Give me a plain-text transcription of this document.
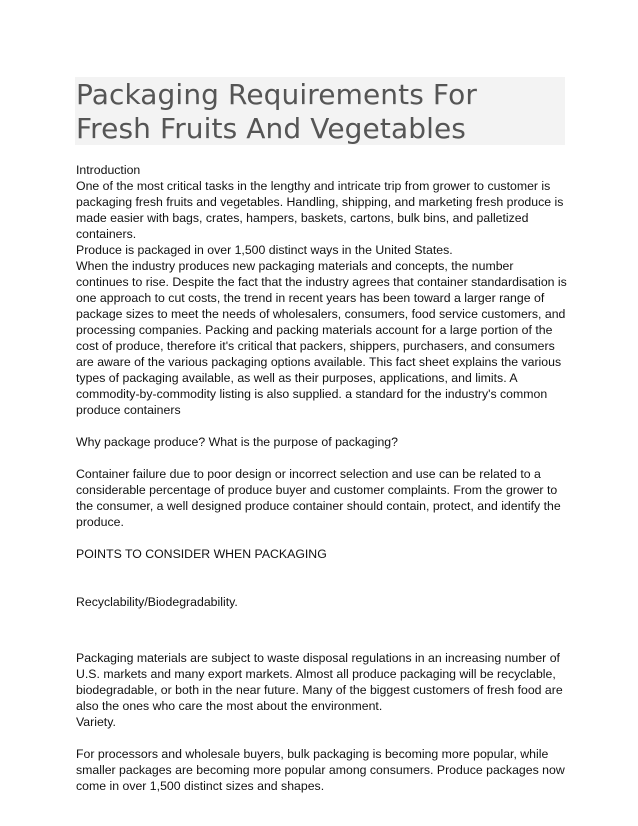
Packaging Requirements For
Fresh Fruits And Vegetables

Introduction

One of the most critical tasks in the lengthy and intricate trip from grower to customer is packaging fresh fruits and vegetables. Handling, shipping, and marketing fresh produce is made easier with bags, crates, hampers, baskets, cartons, bulk bins, and palletized containers.

Produce is packaged in over 1,500 distinct ways in the United States.

When the industry produces new packaging materials and concepts, the number continues to rise. Despite the fact that the industry agrees that container standardisation is one approach to cut costs, the trend in recent years has been toward a larger range of package sizes to meet the needs of wholesalers, consumers, food service customers, and processing companies. Packing and packing materials account for a large portion of the cost of produce, therefore it's critical that packers, shippers, purchasers, and consumers are aware of the various packaging options available. This fact sheet explains the various types of packaging available, as well as their purposes, applications, and limits. A commodity-by-commodity listing is also supplied. a standard for the industry's common produce containers

Why package produce? What is the purpose of packaging?

Container failure due to poor design or incorrect selection and use can be related to a considerable percentage of produce buyer and customer complaints. From the grower to the consumer, a well designed produce container should contain, protect, and identify the produce.

POINTS TO CONSIDER WHEN PACKAGING

Recyclability/Biodegradability.

Packaging materials are subject to waste disposal regulations in an increasing number of U.S. markets and many export markets. Almost all produce packaging will be recyclable, biodegradable, or both in the near future. Many of the biggest customers of fresh food are also the ones who care the most about the environment.

Variety.

For processors and wholesale buyers, bulk packaging is becoming more popular, while smaller packages are becoming more popular among consumers. Produce packages now come in over 1,500 distinct sizes and shapes.
